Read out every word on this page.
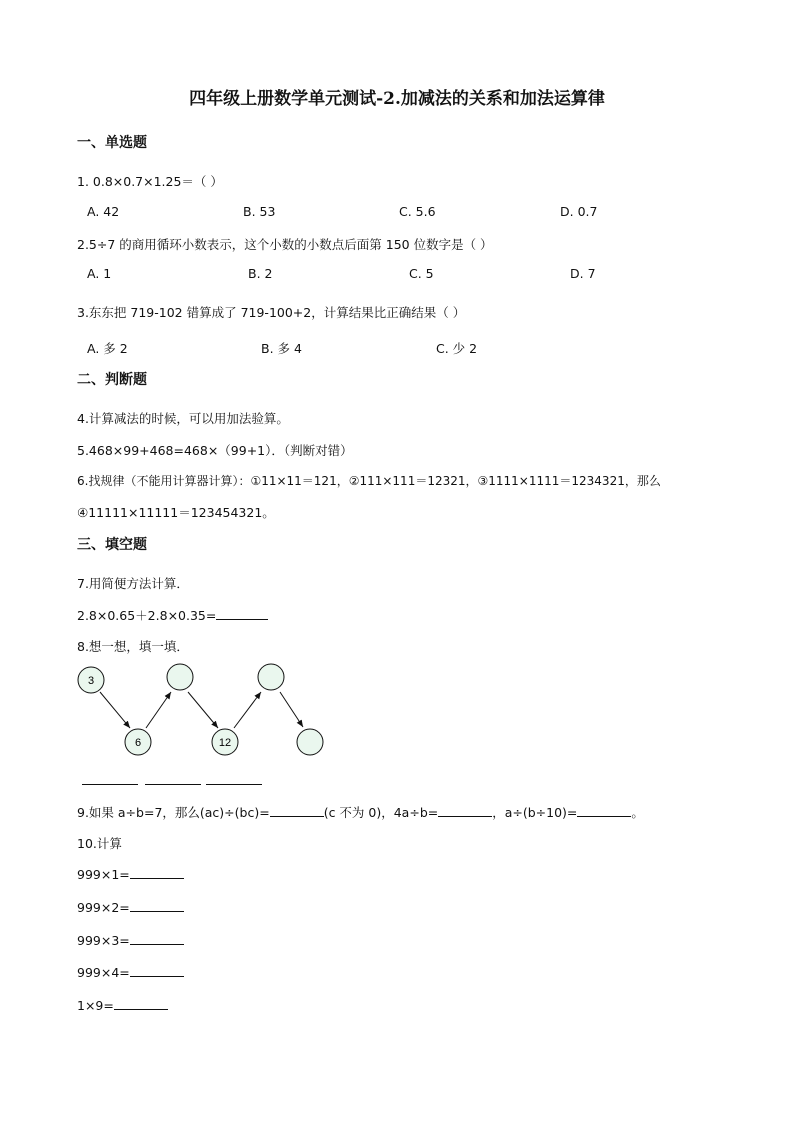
四年级上册数学单元测试-2.加减法的关系和加法运算律
一、单选题
1. 0.8×0.7×1.25＝（ ）
A. 42	B. 53	C. 5.6	D. 0.7
2.5÷7 的商用循环小数表示，这个小数的小数点后面第 150 位数字是（ ）
A. 1	B. 2	C. 5	D. 7
3.东东把 719-102 错算成了 719-100+2，计算结果比正确结果（ ）
A. 多 2	B. 多 4	C. 少 2
二、判断题
4.计算减法的时候，可以用加法验算。
5.468×99+468=468×（99+1）．（判断对错）
6.找规律（不能用计算器计算）：①11×11＝121，②111×111＝12321，③1111×1111＝1234321，那么
④11111×11111＝123454321。
三、填空题
7.用简便方法计算．
2.8×0.65＋2.8×0.35=
8.想一想，填一填．
3
6	12
9.如果 a÷b=7，那么(ac)÷(bc)=	(c 不为 0)，4a÷b=	，a÷(b÷10)=	。
10.计算
999×1=
999×2=
999×3=
999×4=
1×9=
